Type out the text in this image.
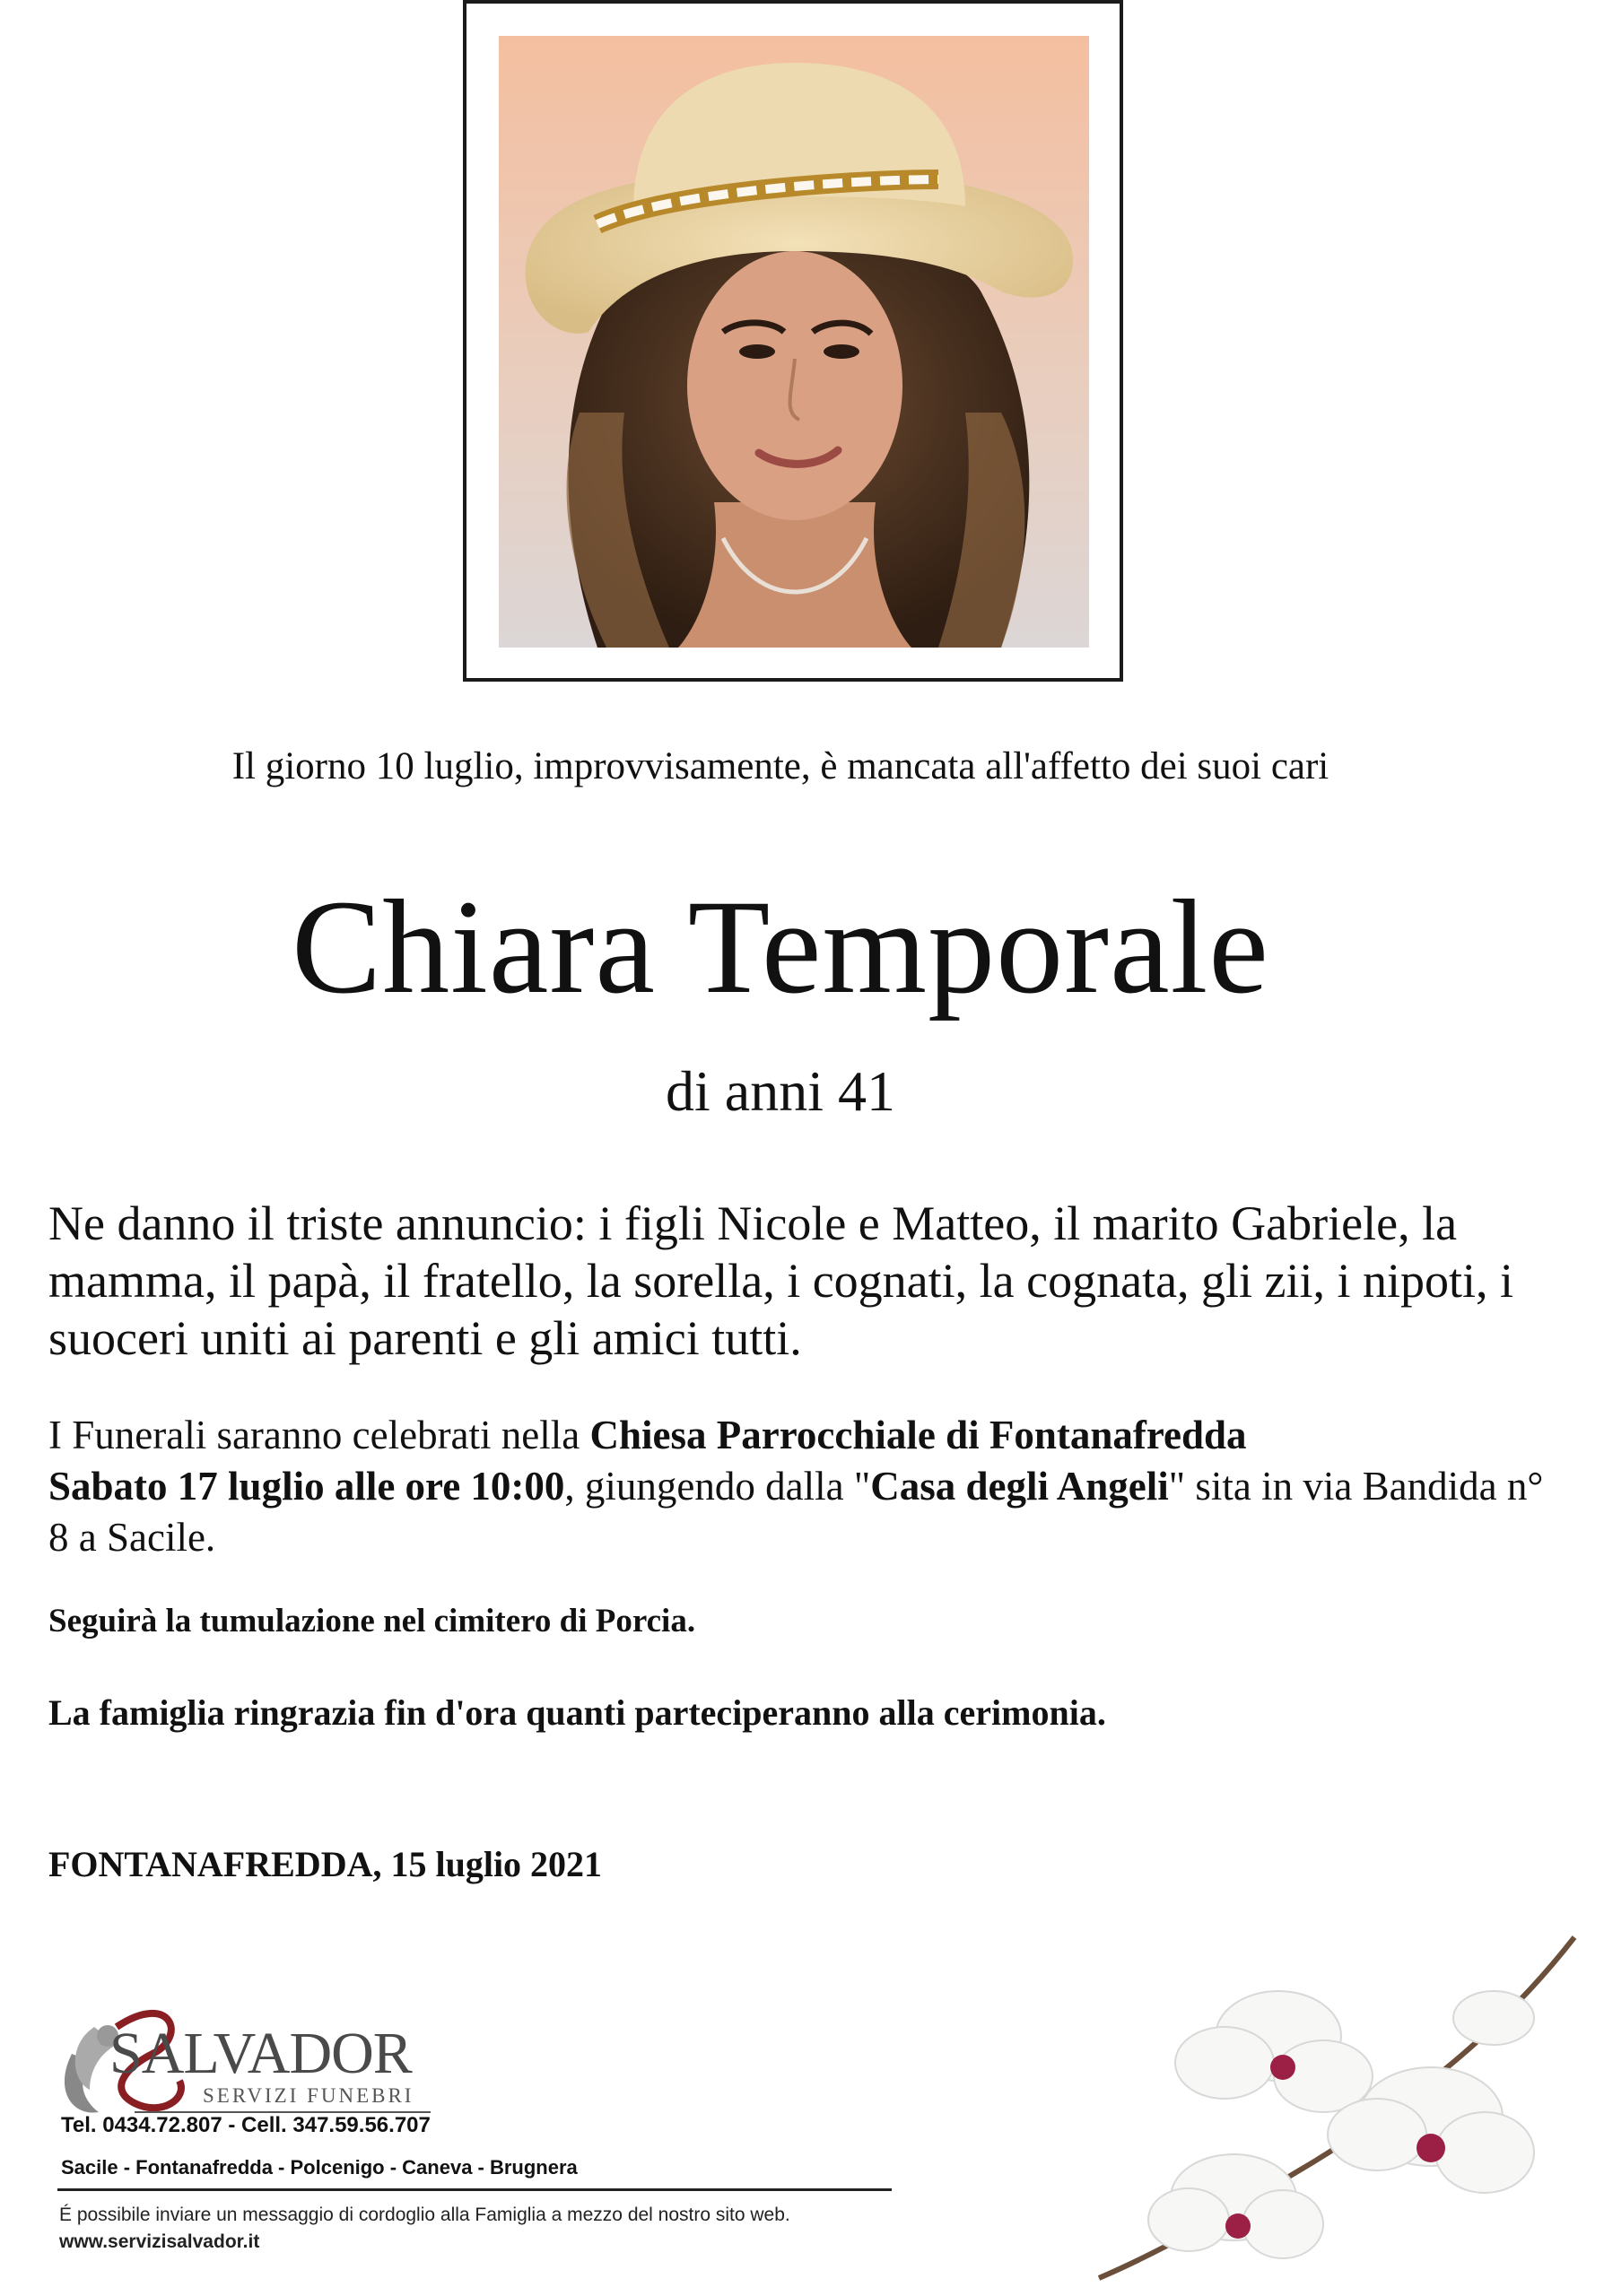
Il giorno 10 luglio, improvvisamente, è mancata all'affetto dei suoi cari
Chiara Temporale
di anni 41
Ne danno il triste annuncio: i figli Nicole e Matteo, il marito Gabriele, la mamma, il papà, il fratello, la sorella, i cognati, la cognata, gli zii, i nipoti, i suoceri uniti ai parenti e gli amici tutti.
I Funerali saranno celebrati nella Chiesa Parrocchiale di Fontanafredda
Sabato 17 luglio alle ore 10:00, giungendo dalla "Casa degli Angeli" sita in via Bandida n° 8 a Sacile.
Seguirà la tumulazione nel cimitero di Porcia.
La famiglia ringrazia fin d'ora quanti parteciperanno alla cerimonia.
FONTANAFREDDA, 15 luglio 2021
SALVADOR
SERVIZI FUNEBRI
Tel. 0434.72.807 - Cell. 347.59.56.707
Sacile - Fontanafredda - Polcenigo - Caneva - Brugnera
É possibile inviare un messaggio di cordoglio alla Famiglia a mezzo del nostro sito web.
www.servizisalvador.it
